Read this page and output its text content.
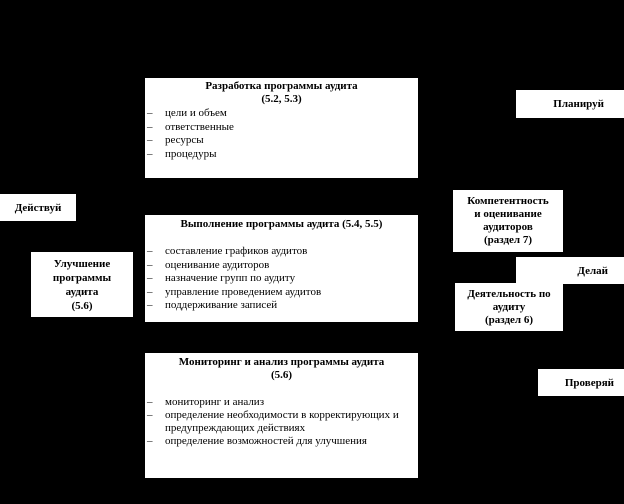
Разработка программы аудита
(5.2, 5.3)
– цели и объем
– ответственные
– ресурсы
– процедуры
Выполнение программы аудита (5.4, 5.5)
– составление графиков аудитов
– оценивание аудиторов
– назначение групп по аудиту
– управление проведением аудитов
– поддерживание записей
Мониторинг и анализ программы аудита
(5.6)
– мониторинг и анализ
– определение необходимости в корректирующих и предупреждающих действиях
– определение возможностей для улучшения
Улучшение
программы
аудита
(5.6)
Действуй
Планируй
Компетентность
и оценивание
аудиторов
(раздел 7)
Делай
Деятельность по
аудиту
(раздел 6)
Проверяй
